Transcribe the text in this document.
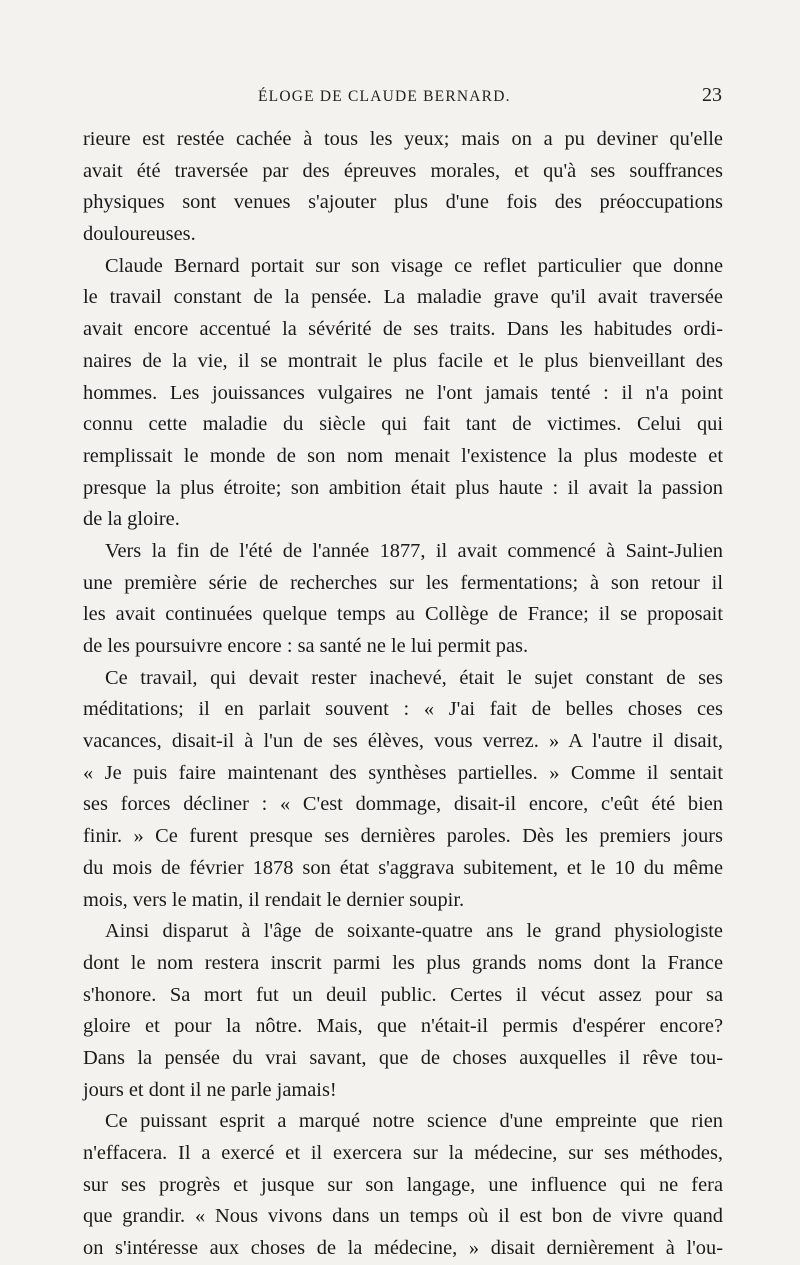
ÉLOGE DE CLAUDE BERNARD.	23
rieure est restée cachée à tous les yeux; mais on a pu deviner qu'elle
avait été traversée par des épreuves morales, et qu'à ses souffrances
physiques sont venues s'ajouter plus d'une fois des préoccupations
douloureuses.
Claude Bernard portait sur son visage ce reflet particulier que donne
le travail constant de la pensée. La maladie grave qu'il avait traversée
avait encore accentué la sévérité de ses traits. Dans les habitudes ordi-
naires de la vie, il se montrait le plus facile et le plus bienveillant des
hommes. Les jouissances vulgaires ne l'ont jamais tenté : il n'a point
connu cette maladie du siècle qui fait tant de victimes. Celui qui
remplissait le monde de son nom menait l'existence la plus modeste et
presque la plus étroite; son ambition était plus haute : il avait la passion
de la gloire.
Vers la fin de l'été de l'année 1877, il avait commencé à Saint-Julien
une première série de recherches sur les fermentations; à son retour il
les avait continuées quelque temps au Collège de France; il se proposait
de les poursuivre encore : sa santé ne le lui permit pas.
Ce travail, qui devait rester inachevé, était le sujet constant de ses
méditations; il en parlait souvent : « J'ai fait de belles choses ces
vacances, disait-il à l'un de ses élèves, vous verrez. » A l'autre il disait,
« Je puis faire maintenant des synthèses partielles. » Comme il sentait
ses forces décliner : « C'est dommage, disait-il encore, c'eût été bien
finir. » Ce furent presque ses dernières paroles. Dès les premiers jours
du mois de février 1878 son état s'aggrava subitement, et le 10 du même
mois, vers le matin, il rendait le dernier soupir.
Ainsi disparut à l'âge de soixante-quatre ans le grand physiologiste
dont le nom restera inscrit parmi les plus grands noms dont la France
s'honore. Sa mort fut un deuil public. Certes il vécut assez pour sa
gloire et pour la nôtre. Mais, que n'était-il permis d'espérer encore?
Dans la pensée du vrai savant, que de choses auxquelles il rêve tou-
jours et dont il ne parle jamais!
Ce puissant esprit a marqué notre science d'une empreinte que rien
n'effacera. Il a exercé et il exercera sur la médecine, sur ses méthodes,
sur ses progrès et jusque sur son langage, une influence qui ne fera
que grandir. « Nous vivons dans un temps où il est bon de vivre quand
on s'intéresse aux choses de la médecine, » disait dernièrement à l'ou-
